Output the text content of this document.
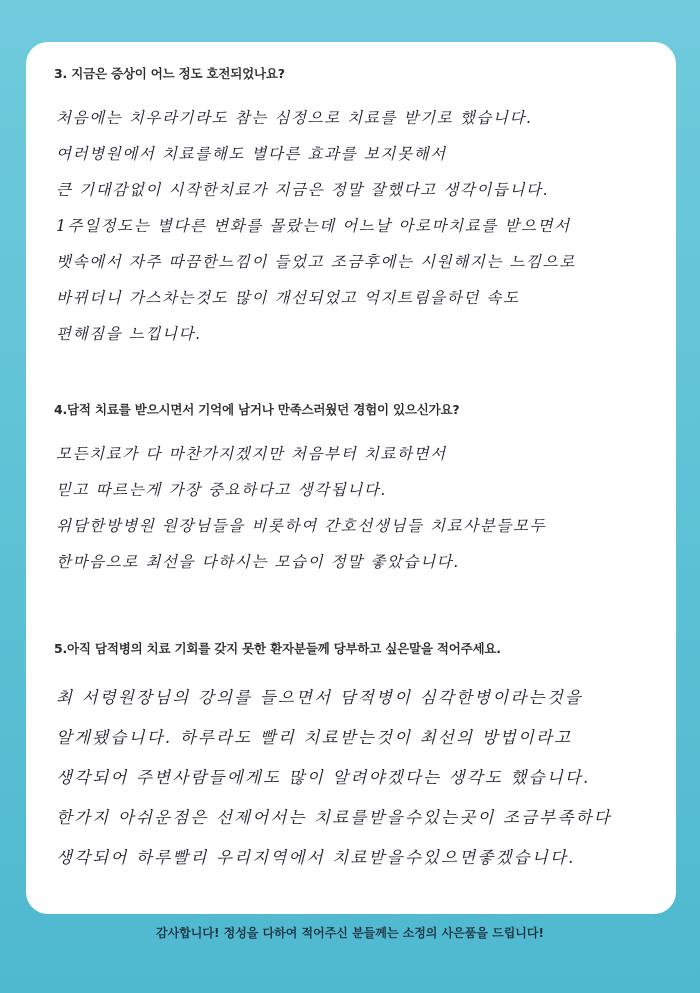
3. 지금은 증상이 어느 정도 호전되었나요?
처음에는 치우라기라도 참는 심정으로 치료를 받기로 했습니다.
여러병원에서 치료를해도 별다른 효과를 보지못해서
큰 기대감없이 시작한치료가 지금은 정말 잘했다고 생각이듭니다.
1주일정도는 별다른 변화를 몰랐는데 어느날 아로마치료를 받으면서
뱃속에서 자주 따끔한느낌이 들었고 조금후에는 시원해지는 느낌으로
바뀌더니 가스차는것도 많이 개선되었고 억지트림을하던 속도
편해짐을 느낍니다.
4.담적 치료를 받으시면서 기억에 남거나 만족스러웠던 경험이 있으신가요?
모든치료가 다 마찬가지겠지만 처음부터 치료하면서
믿고 따르는게 가장 중요하다고 생각됩니다.
위담한방병원 원장님들을 비롯하여 간호선생님들 치료사분들모두
한마음으로 최선을 다하시는 모습이 정말 좋았습니다.
5.아직 담적병의 치료 기회를 갖지 못한 환자분들께 당부하고 싶은말을 적어주세요.
최 서령원장님의 강의를 들으면서 담적병이 심각한병이라는것을
알게됐습니다. 하루라도 빨리 치료받는것이 최선의 방법이라고
생각되어 주변사람들에게도 많이 알려야겠다는 생각도 했습니다.
한가지 아쉬운점은 선제어서는 치료를받을수있는곳이 조금부족하다
생각되어 하루빨리 우리지역에서 치료받을수있으면좋겠습니다.
감사합니다! 정성을 다하여 적어주신 분들께는 소정의 사은품을 드립니다!
